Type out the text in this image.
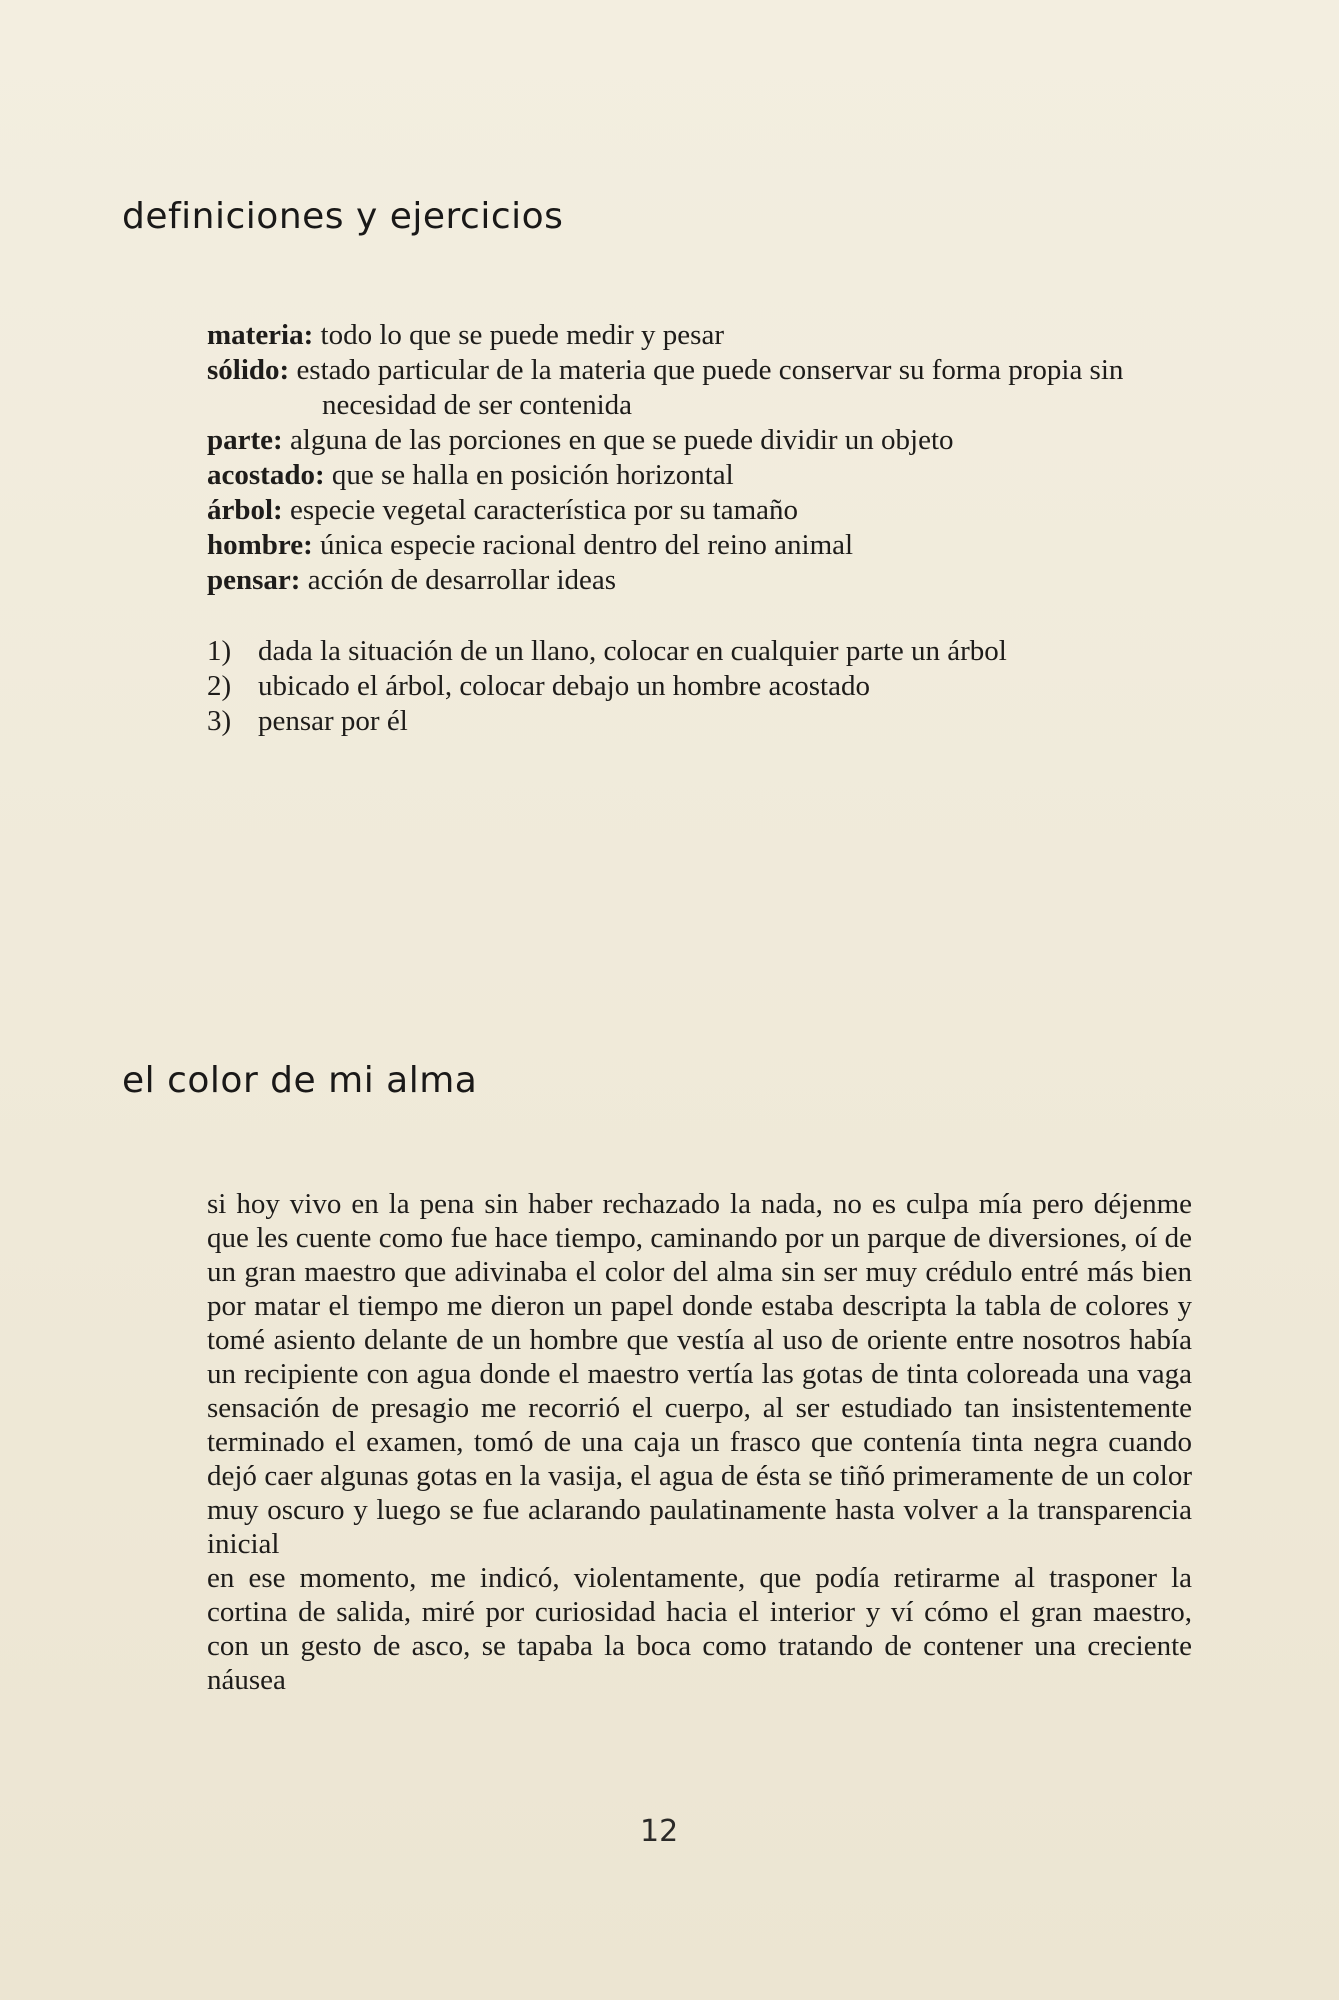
definiciones y ejercicios

materia: todo lo que se puede medir y pesar

sólido: estado particular de la materia que puede conservar su forma propia sin necesidad de ser contenida

parte: alguna de las porciones en que se puede dividir un objeto

acostado: que se halla en posición horizontal

árbol: especie vegetal característica por su tamaño

hombre: única especie racional dentro del reino animal

pensar: acción de desarrollar ideas

1) dada la situación de un llano, colocar en cualquier parte un árbol

2) ubicado el árbol, colocar debajo un hombre acostado

3) pensar por él

el color de mi alma

si hoy vivo en la pena sin haber rechazado la nada, no es culpa mía pero déjenme que les cuente como fue hace tiempo, caminando por un parque de diversiones, oí de un gran maestro que adivinaba el color del alma sin ser muy crédulo entré más bien por matar el tiempo me dieron un papel donde estaba descripta la tabla de colores y tomé asiento delante de un hombre que vestía al uso de oriente entre nosotros había un recipiente con agua donde el maestro vertía las gotas de tinta coloreada una vaga sensación de presagio me recorrió el cuerpo, al ser estudiado tan insistentemente terminado el examen, tomó de una caja un frasco que contenía tinta negra cuando dejó caer algunas gotas en la vasija, el agua de ésta se tiñó primeramente de un color muy oscuro y luego se fue aclarando paulatinamente hasta volver a la transparencia inicial

en ese momento, me indicó, violentamente, que podía retirarme al trasponer la cortina de salida, miré por curiosidad hacia el interior y ví cómo el gran maestro, con un gesto de asco, se tapaba la boca como tratando de contener una creciente náusea

12
